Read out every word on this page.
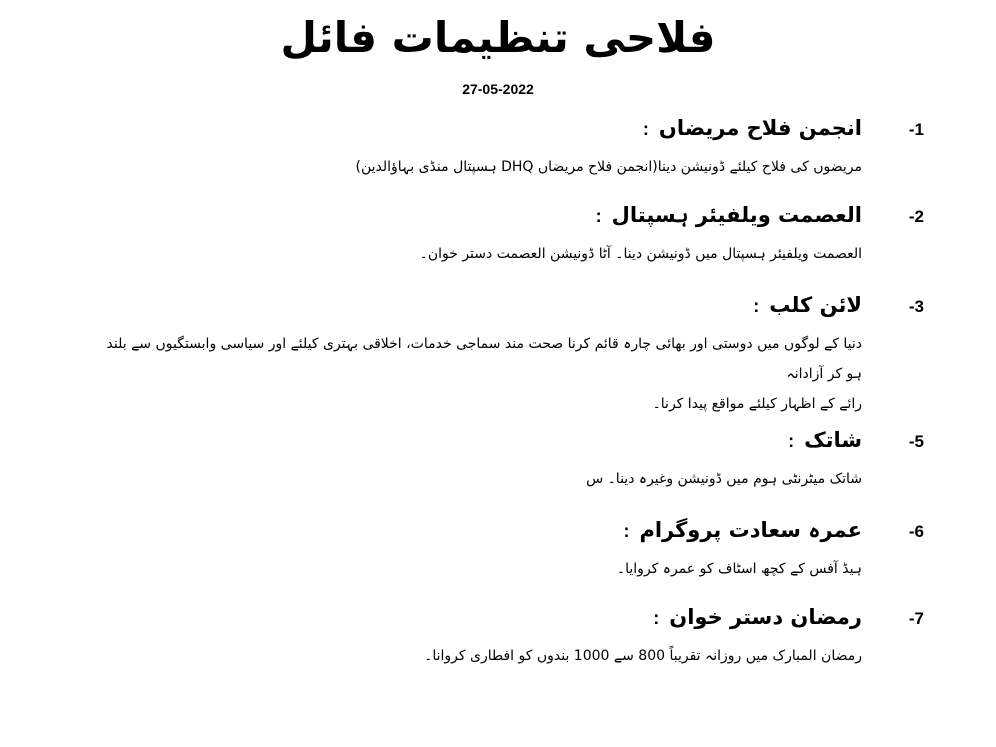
فلاحی تنظیمات فائل
27-05-2022
-1
انجمن فلاح مریضاں
:
مریضوں کی فلاح کیلئے ڈونیشن دینا(انجمن فلاح مریضاں DHQ ہسپتال منڈی بہاؤالدین)
-2
العصمت ویلفیئر ہسپتال
:
العصمت ویلفیئر ہسپتال میں ڈونیشن دینا۔ آٹا ڈونیشن العصمت دستر خوان۔
-3
لائن کلب
:
دنیا کے لوگوں میں دوستی اور بھائی چارہ قائم کرنا صحت مند سماجی خدمات، اخلاقی بہتری کیلئے اور سیاسی وابستگیوں سے بلند ہو کر آزادانہ
رائے کے اظہار کیلئے مواقع پیدا کرنا۔
-5
شاتک
:
شاتک میٹرنٹی ہوم میں ڈونیشن وغیرہ دینا۔ س
-6
عمرہ سعادت پروگرام
:
ہیڈ آفس کے کچھ اسٹاف کو عمرہ کروایا۔
-7
رمضان دستر خوان
:
رمضان المبارک میں روزانہ تقریباً 800 سے 1000 بندوں کو افطاری کروانا۔
